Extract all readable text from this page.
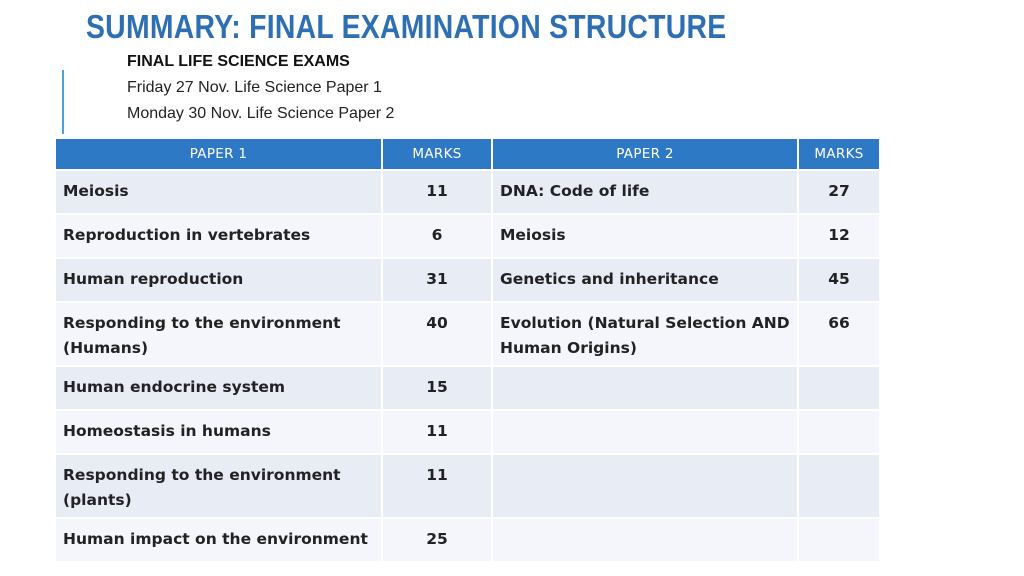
SUMMARY: FINAL EXAMINATION STRUCTURE
FINAL LIFE SCIENCE EXAMS
Friday 27 Nov. Life Science Paper 1
Monday 30 Nov. Life Science Paper 2
PAPER 1	MARKS	PAPER 2	MARKS
Meiosis	11	DNA: Code of life	27
Reproduction in vertebrates	6	Meiosis	12
Human reproduction	31	Genetics and inheritance	45
Responding to the environment (Humans)	40	Evolution (Natural Selection AND Human Origins)	66
Human endocrine system	15		
Homeostasis in humans	11		
Responding to the environment (plants)	11		
Human impact on the environment	25		
